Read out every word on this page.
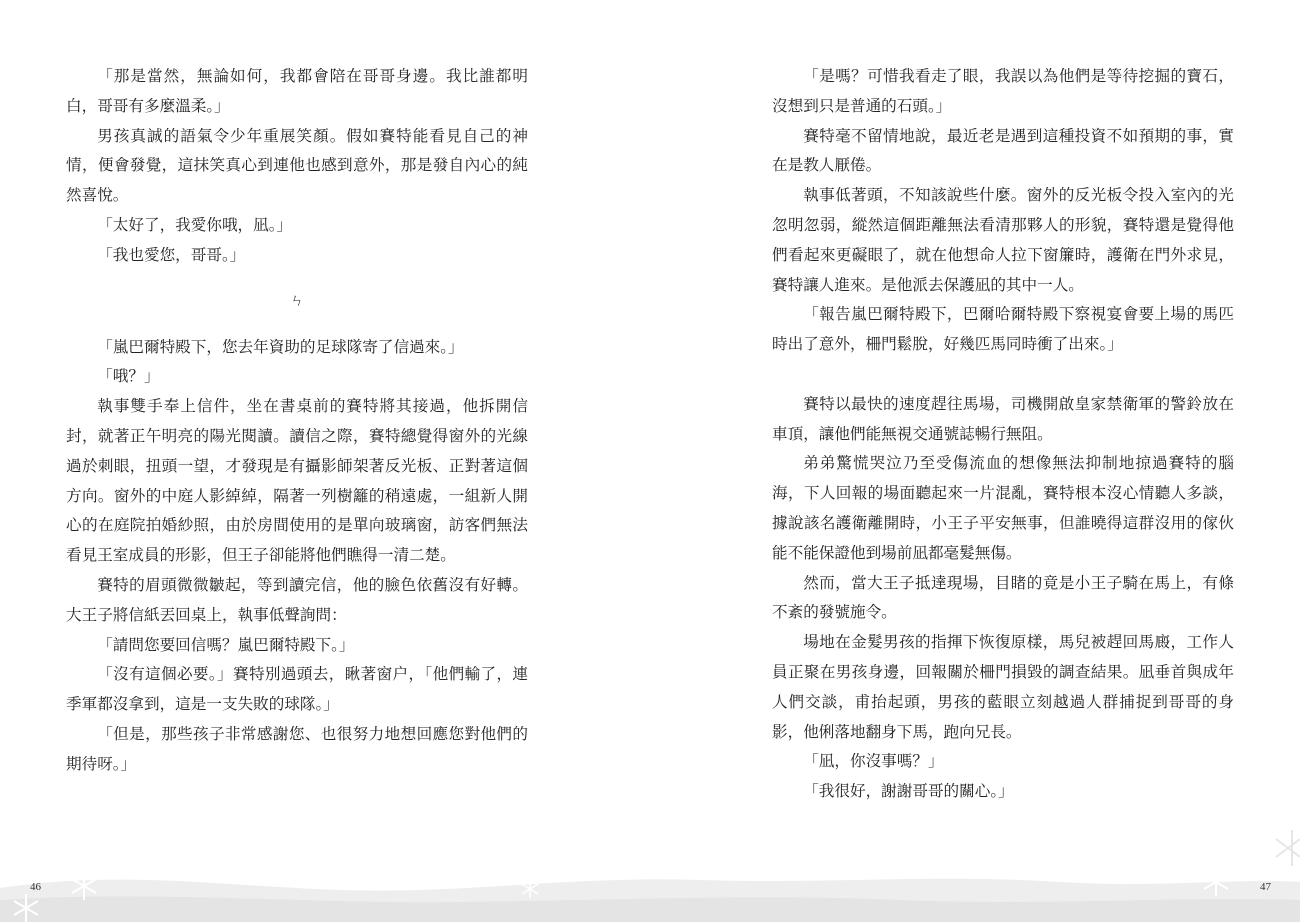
「那是當然，無論如何，我都會陪在哥哥身邊。我比誰都明白，哥哥有多麼溫柔。」

男孩真誠的語氣令少年重展笑顏。假如賽特能看見自己的神情，便會發覺，這抹笑真心到連他也感到意外，那是發自內心的純然喜悅。

「太好了，我愛你哦，凪。」

「我也愛您，哥哥。」

ㄣ

「嵐巴爾特殿下，您去年資助的足球隊寄了信過來。」

「哦？」

執事雙手奉上信件，坐在書桌前的賽特將其接過，他拆開信封，就著正午明亮的陽光閱讀。讀信之際，賽特總覺得窗外的光線過於刺眼，扭頭一望，才發現是有攝影師架著反光板、正對著這個方向。窗外的中庭人影綽綽，隔著一列樹籬的稍遠處，一組新人開心的在庭院拍婚紗照，由於房間使用的是單向玻璃窗，訪客們無法看見王室成員的形影，但王子卻能將他們瞧得一清二楚。

賽特的眉頭微微皺起，等到讀完信，他的臉色依舊沒有好轉。大王子將信紙丟回桌上，執事低聲詢問：

「請問您要回信嗎？嵐巴爾特殿下。」

「沒有這個必要。」賽特別過頭去，瞅著窗户，「他們輸了，連季軍都沒拿到，這是一支失敗的球隊。」

「但是，那些孩子非常感謝您、也很努力地想回應您對他們的期待呀。」

「是嗎？可惜我看走了眼，我誤以為他們是等待挖掘的寶石，沒想到只是普通的石頭。」

賽特毫不留情地說，最近老是遇到這種投資不如預期的事，實在是教人厭倦。

執事低著頭，不知該說些什麼。窗外的反光板令投入室內的光忽明忽弱，縱然這個距離無法看清那夥人的形貌，賽特還是覺得他們看起來更礙眼了，就在他想命人拉下窗簾時，護衛在門外求見，賽特讓人進來。是他派去保護凪的其中一人。

「報告嵐巴爾特殿下，巴爾哈爾特殿下察視宴會要上場的馬匹時出了意外，柵門鬆脫，好幾匹馬同時衝了出來。」

賽特以最快的速度趕往馬場，司機開啟皇家禁衛軍的警鈴放在車頂，讓他們能無視交通號誌暢行無阻。

弟弟驚慌哭泣乃至受傷流血的想像無法抑制地掠過賽特的腦海，下人回報的場面聽起來一片混亂，賽特根本沒心情聽人多談，據說該名護衛離開時，小王子平安無事，但誰曉得這群沒用的傢伙能不能保證他到場前凪都毫髮無傷。

然而，當大王子抵達現場，目睹的竟是小王子騎在馬上，有條不紊的發號施令。

場地在金髮男孩的指揮下恢復原樣，馬兒被趕回馬廄，工作人員正聚在男孩身邊，回報關於柵門損毀的調查結果。凪垂首與成年人們交談，甫抬起頭，男孩的藍眼立刻越過人群捕捉到哥哥的身影，他俐落地翻身下馬，跑向兄長。

「凪，你沒事嗎？」

「我很好，謝謝哥哥的關心。」

46	47
